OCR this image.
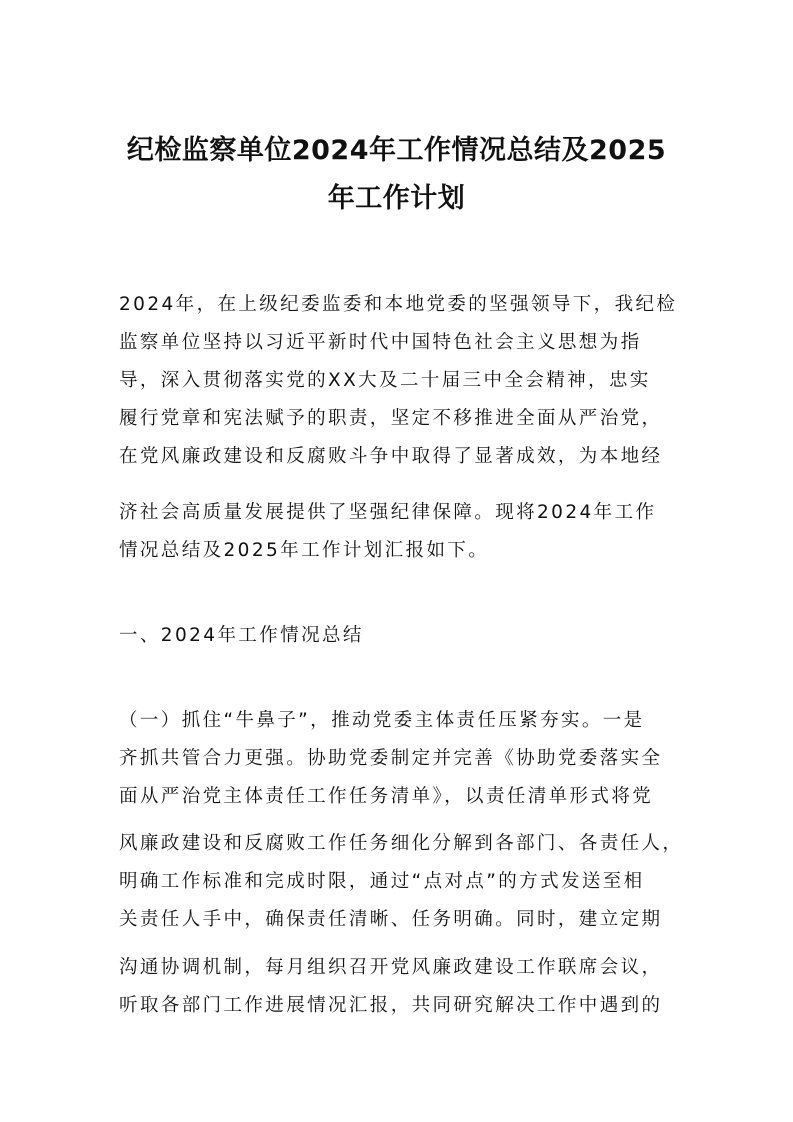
纪检监察单位2024年工作情况总结及2025
年工作计划
2024年，在上级纪委监委和本地党委的坚强领导下，我纪检
监察单位坚持以习近平新时代中国特色社会主义思想为指
导，深入贯彻落实党的XX大及二十届三中全会精神，忠实
履行党章和宪法赋予的职责，坚定不移推进全面从严治党，
在党风廉政建设和反腐败斗争中取得了显著成效，为本地经
济社会高质量发展提供了坚强纪律保障。现将2024年工作
情况总结及2025年工作计划汇报如下。
一、2024年工作情况总结
（一）抓住“牛鼻子”，推动党委主体责任压紧夯实。一是
齐抓共管合力更强。协助党委制定并完善《协助党委落实全
面从严治党主体责任工作任务清单》，以责任清单形式将党
风廉政建设和反腐败工作任务细化分解到各部门、各责任人，
明确工作标准和完成时限，通过“点对点”的方式发送至相
关责任人手中，确保责任清晰、任务明确。同时，建立定期
沟通协调机制，每月组织召开党风廉政建设工作联席会议，
听取各部门工作进展情况汇报，共同研究解决工作中遇到的
